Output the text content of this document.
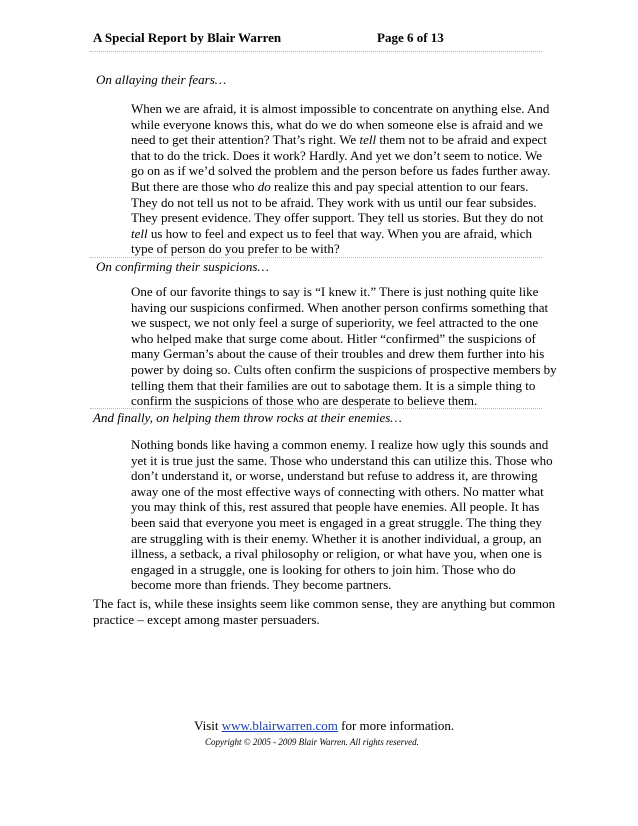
A Special Report by Blair Warren	Page 6 of 13
On allaying their fears…
When we are afraid, it is almost impossible to concentrate on anything else. And
while everyone knows this, what do we do when someone else is afraid and we
need to get their attention? That’s right. We tell them not to be afraid and expect
that to do the trick. Does it work? Hardly. And yet we don’t seem to notice. We
go on as if we’d solved the problem and the person before us fades further away.
But there are those who do realize this and pay special attention to our fears.
They do not tell us not to be afraid. They work with us until our fear subsides.
They present evidence. They offer support. They tell us stories. But they do not
tell us how to feel and expect us to feel that way. When you are afraid, which
type of person do you prefer to be with?
On confirming their suspicions…
One of our favorite things to say is “I knew it.” There is just nothing quite like
having our suspicions confirmed. When another person confirms something that
we suspect, we not only feel a surge of superiority, we feel attracted to the one
who helped make that surge come about. Hitler “confirmed” the suspicions of
many German’s about the cause of their troubles and drew them further into his
power by doing so. Cults often confirm the suspicions of prospective members by
telling them that their families are out to sabotage them. It is a simple thing to
confirm the suspicions of those who are desperate to believe them.
And finally, on helping them throw rocks at their enemies…
Nothing bonds like having a common enemy. I realize how ugly this sounds and
yet it is true just the same. Those who understand this can utilize this. Those who
don’t understand it, or worse, understand but refuse to address it, are throwing
away one of the most effective ways of connecting with others. No matter what
you may think of this, rest assured that people have enemies. All people. It has
been said that everyone you meet is engaged in a great struggle. The thing they
are struggling with is their enemy. Whether it is another individual, a group, an
illness, a setback, a rival philosophy or religion, or what have you, when one is
engaged in a struggle, one is looking for others to join him. Those who do
become more than friends. They become partners.
The fact is, while these insights seem like common sense, they are anything but common
practice – except among master persuaders.
Visit www.blairwarren.com for more information.
Copyright © 2005 - 2009 Blair Warren. All rights reserved.
